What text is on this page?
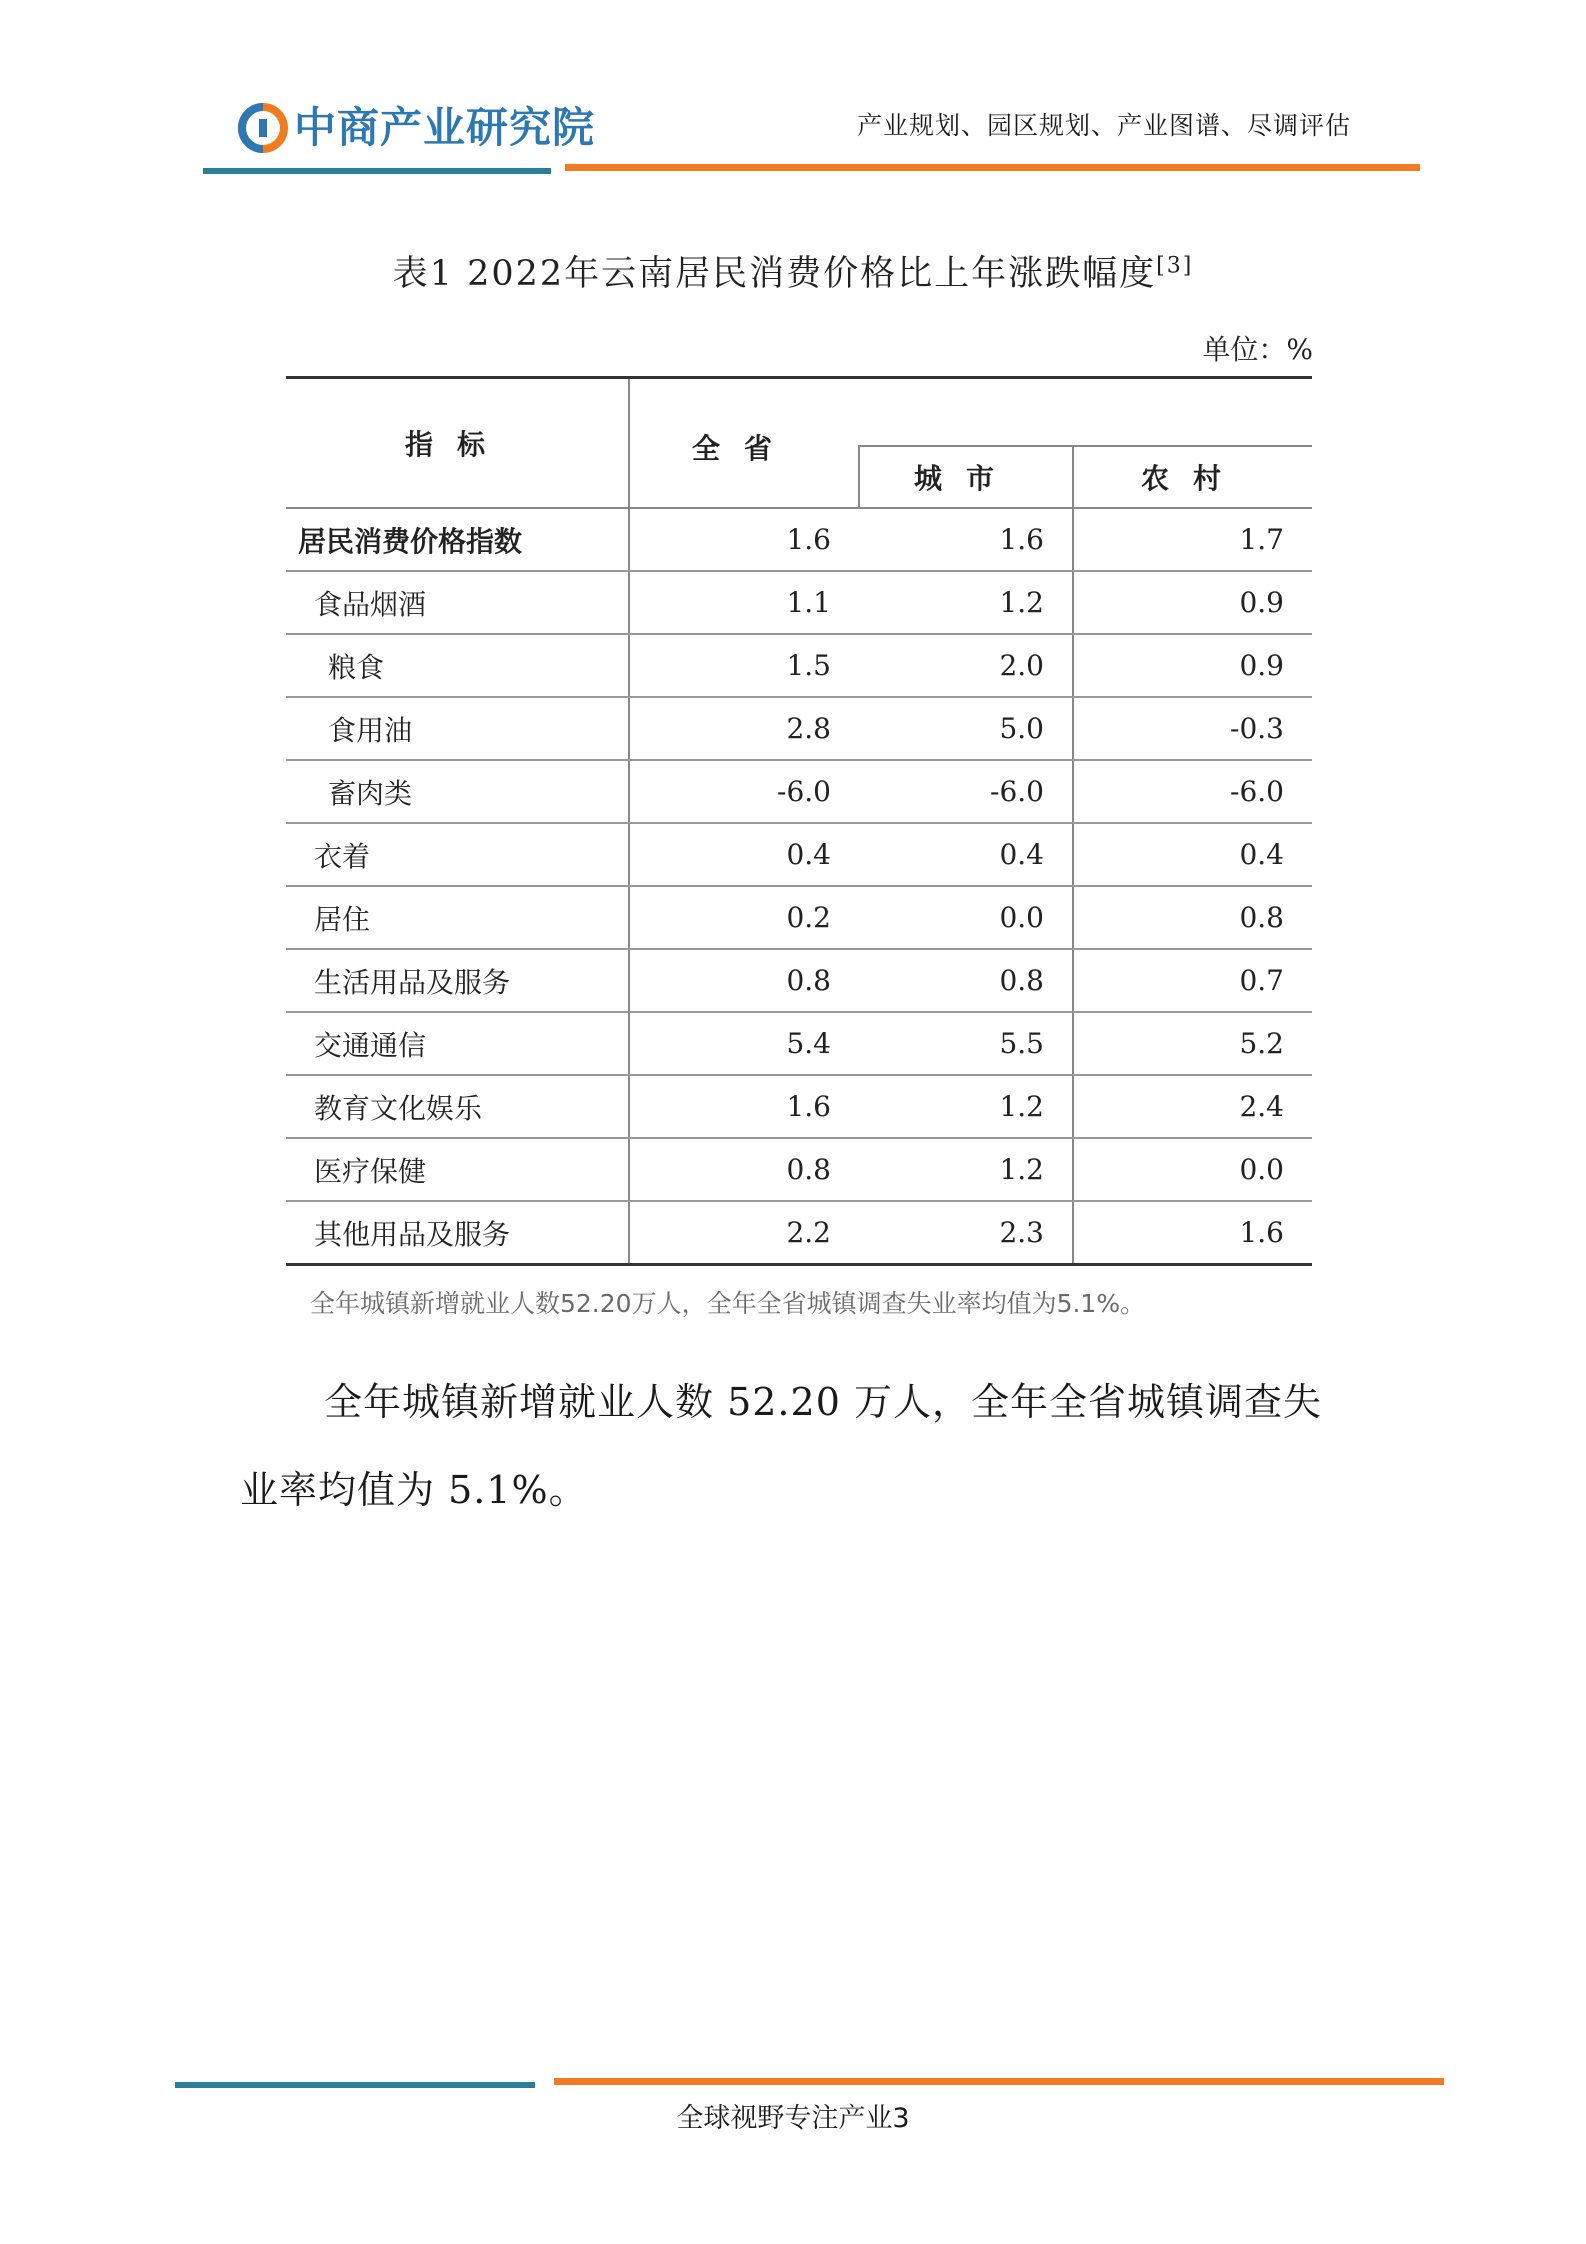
中商产业研究院	产业规划、园区规划、产业图谱、尽调评估
表1 2022年云南居民消费价格比上年涨跌幅度[3]
单位：%
指标	全省		
		城市	农村
居民消费价格指数	1.6	1.6	1.7
食品烟酒	1.1	1.2	0.9
粮食	1.5	2.0	0.9
食用油	2.8	5.0	-0.3
畜肉类	-6.0	-6.0	-6.0
衣着	0.4	0.4	0.4
居住	0.2	0.0	0.8
生活用品及服务	0.8	0.8	0.7
交通通信	5.4	5.5	5.2
教育文化娱乐	1.6	1.2	2.4
医疗保健	0.8	1.2	0.0
其他用品及服务	2.2	2.3	1.6
全年城镇新增就业人数52.20万人，全年全省城镇调查失业率均值为5.1%。
全年城镇新增就业人数 52.20 万人，全年全省城镇调查失业率均值为 5.1%。
全球视野专注产业3
